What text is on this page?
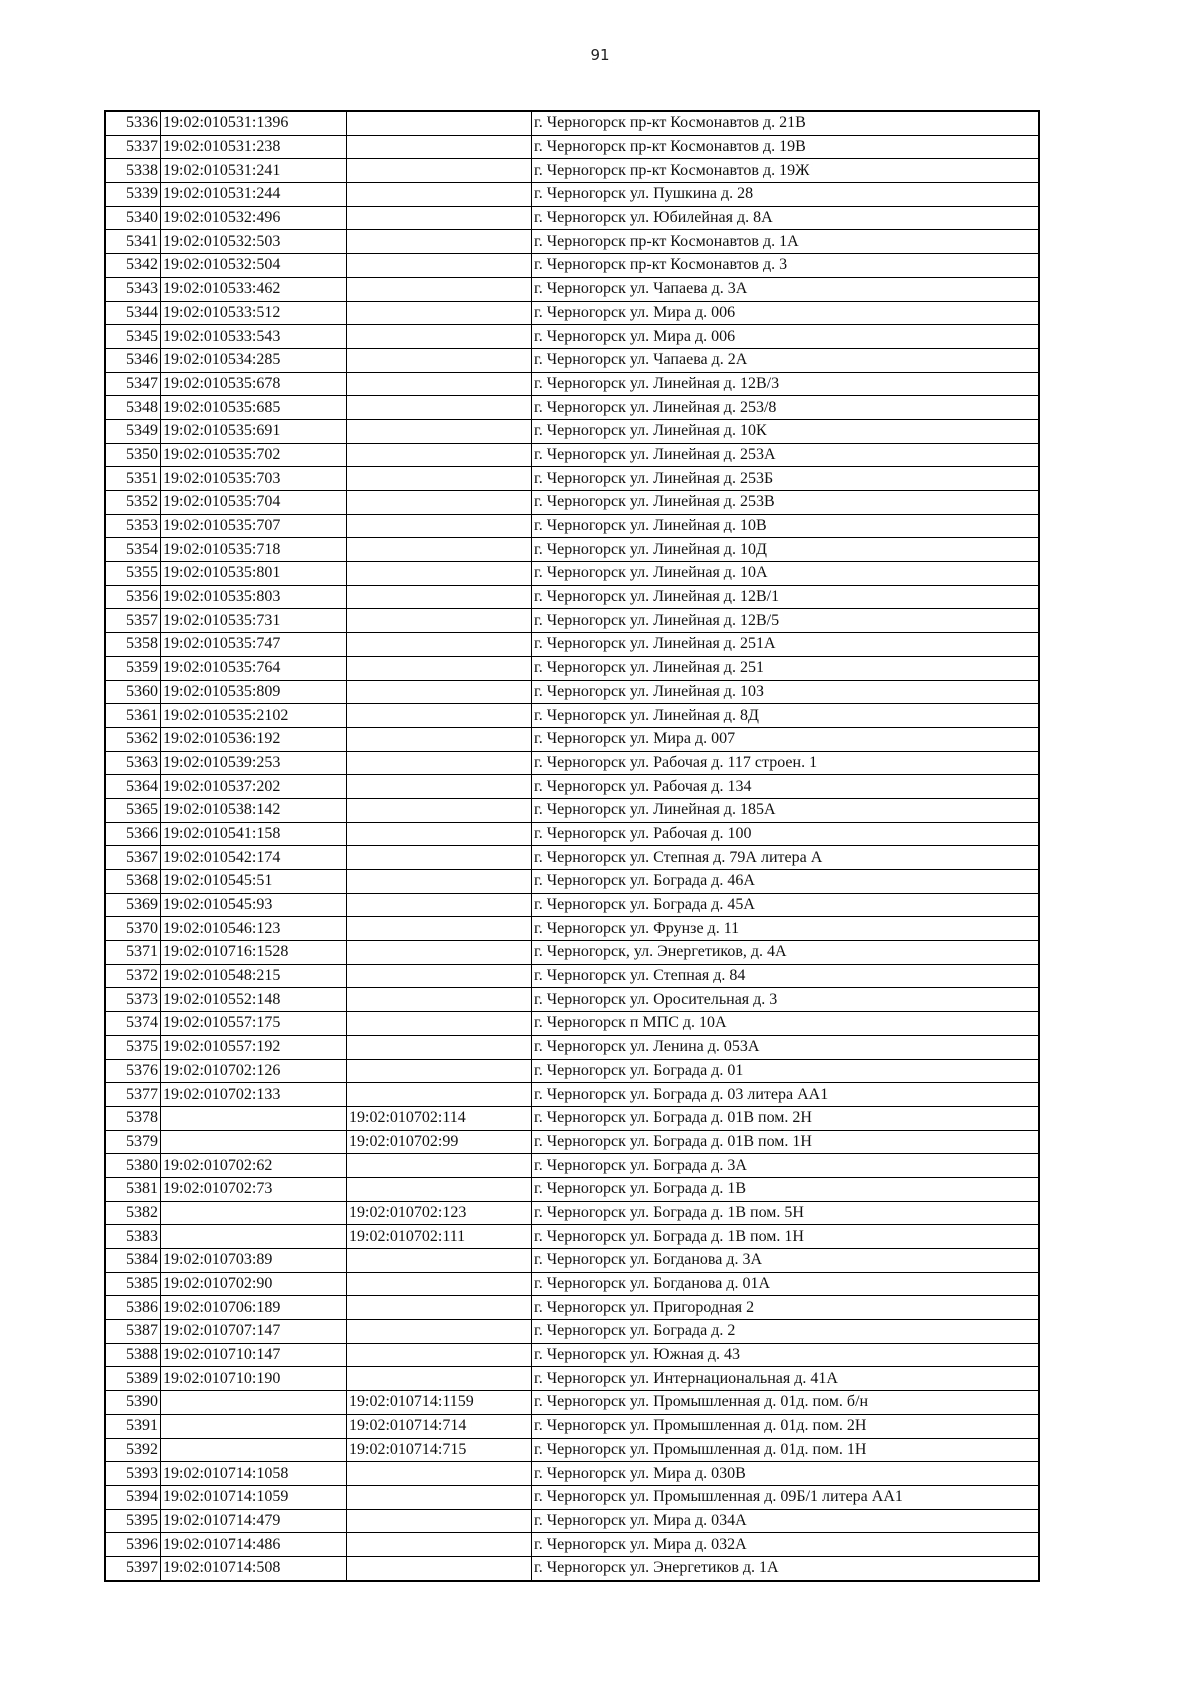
91
5336	19:02:010531:1396		г. Черногорск пр-кт Космонавтов д. 21В
5337	19:02:010531:238		г. Черногорск пр-кт Космонавтов д. 19В
5338	19:02:010531:241		г. Черногорск пр-кт Космонавтов д. 19Ж
5339	19:02:010531:244		г. Черногорск ул. Пушкина д. 28
5340	19:02:010532:496		г. Черногорск ул. Юбилейная д. 8А
5341	19:02:010532:503		г. Черногорск пр-кт Космонавтов д. 1А
5342	19:02:010532:504		г. Черногорск пр-кт Космонавтов д. 3
5343	19:02:010533:462		г. Черногорск ул. Чапаева д. 3А
5344	19:02:010533:512		г. Черногорск ул. Мира д. 006
5345	19:02:010533:543		г. Черногорск ул. Мира д. 006
5346	19:02:010534:285		г. Черногорск ул. Чапаева д. 2А
5347	19:02:010535:678		г. Черногорск ул. Линейная д. 12В/3
5348	19:02:010535:685		г. Черногорск ул. Линейная д. 253/8
5349	19:02:010535:691		г. Черногорск ул. Линейная д. 10К
5350	19:02:010535:702		г. Черногорск ул. Линейная д. 253А
5351	19:02:010535:703		г. Черногорск ул. Линейная д. 253Б
5352	19:02:010535:704		г. Черногорск ул. Линейная д. 253В
5353	19:02:010535:707		г. Черногорск ул. Линейная д. 10В
5354	19:02:010535:718		г. Черногорск ул. Линейная д. 10Д
5355	19:02:010535:801		г. Черногорск ул. Линейная д. 10А
5356	19:02:010535:803		г. Черногорск ул. Линейная д. 12В/1
5357	19:02:010535:731		г. Черногорск ул. Линейная д. 12В/5
5358	19:02:010535:747		г. Черногорск ул. Линейная д. 251А
5359	19:02:010535:764		г. Черногорск ул. Линейная д. 251
5360	19:02:010535:809		г. Черногорск ул. Линейная д. 10З
5361	19:02:010535:2102		г. Черногорск ул. Линейная д. 8Д
5362	19:02:010536:192		г. Черногорск ул. Мира д. 007
5363	19:02:010539:253		г. Черногорск ул. Рабочая д. 117 строен. 1
5364	19:02:010537:202		г. Черногорск ул. Рабочая д. 134
5365	19:02:010538:142		г. Черногорск ул. Линейная д. 185А
5366	19:02:010541:158		г. Черногорск ул. Рабочая д. 100
5367	19:02:010542:174		г. Черногорск ул. Степная д. 79А литера А
5368	19:02:010545:51		г. Черногорск ул. Бограда д. 46А
5369	19:02:010545:93		г. Черногорск ул. Бограда д. 45А
5370	19:02:010546:123		г. Черногорск ул. Фрунзе д. 11
5371	19:02:010716:1528		г. Черногорск, ул. Энергетиков, д. 4А
5372	19:02:010548:215		г. Черногорск ул. Степная д. 84
5373	19:02:010552:148		г. Черногорск ул. Оросительная д. 3
5374	19:02:010557:175		г. Черногорск п МПС д. 10А
5375	19:02:010557:192		г. Черногорск ул. Ленина д. 053А
5376	19:02:010702:126		г. Черногорск ул. Бограда д. 01
5377	19:02:010702:133		г. Черногорск ул. Бограда д. 03 литера АА1
5378		19:02:010702:114	г. Черногорск ул. Бограда д. 01В пом. 2Н
5379		19:02:010702:99	г. Черногорск ул. Бограда д. 01В пом. 1Н
5380	19:02:010702:62		г. Черногорск ул. Бограда д. 3А
5381	19:02:010702:73		г. Черногорск ул. Бограда д. 1В
5382		19:02:010702:123	г. Черногорск ул. Бограда д. 1В пом. 5Н
5383		19:02:010702:111	г. Черногорск ул. Бограда д. 1В пом. 1Н
5384	19:02:010703:89		г. Черногорск ул. Богданова д. 3А
5385	19:02:010702:90		г. Черногорск ул. Богданова д. 01А
5386	19:02:010706:189		г. Черногорск ул. Пригородная 2
5387	19:02:010707:147		г. Черногорск ул. Бограда д. 2
5388	19:02:010710:147		г. Черногорск ул. Южная д. 43
5389	19:02:010710:190		г. Черногорск ул. Интернациональная д. 41А
5390		19:02:010714:1159	г. Черногорск ул. Промышленная д. 01д. пом. б/н
5391		19:02:010714:714	г. Черногорск ул. Промышленная д. 01д. пом. 2Н
5392		19:02:010714:715	г. Черногорск ул. Промышленная д. 01д. пом. 1Н
5393	19:02:010714:1058		г. Черногорск ул. Мира д. 030В
5394	19:02:010714:1059		г. Черногорск ул. Промышленная д. 09Б/1 литера АА1
5395	19:02:010714:479		г. Черногорск ул. Мира д. 034А
5396	19:02:010714:486		г. Черногорск ул. Мира д. 032А
5397	19:02:010714:508		г. Черногорск ул. Энергетиков д. 1А
